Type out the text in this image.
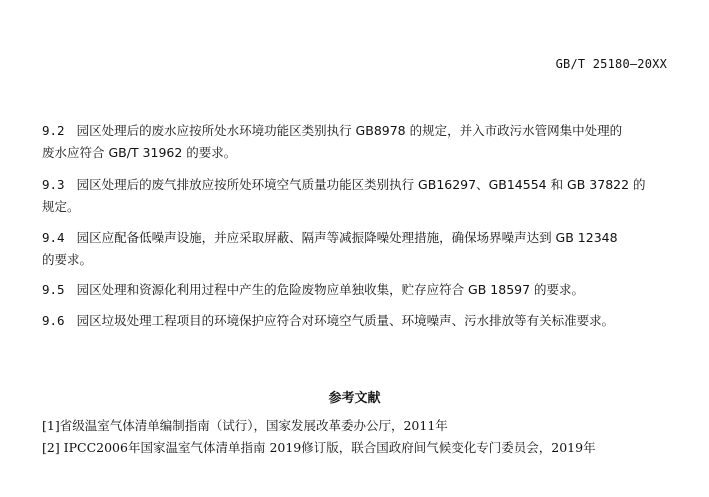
GB/T 25180—20XX

9.2 园区处理后的废水应按所处水环境功能区类别执行 GB8978 的规定，并入市政污水管网集中处理的
废水应符合 GB/T 31962 的要求。

9.3 园区处理后的废气排放应按所处环境空气质量功能区类别执行 GB16297、GB14554 和 GB 37822 的
规定。

9.4 园区应配备低噪声设施，并应采取屏蔽、隔声等减振降噪处理措施，确保场界噪声达到 GB 12348
的要求。

9.5 园区处理和资源化利用过程中产生的危险废物应单独收集，贮存应符合 GB 18597 的要求。

9.6 园区垃圾处理工程项目的环境保护应符合对环境空气质量、环境噪声、污水排放等有关标准要求。

参考文献
[1]省级温室气体清单编制指南（试行），国家发展改革委办公厅，2011年
[2] IPCC2006年国家温室气体清单指南 2019修订版，联合国政府间气候变化专门委员会，2019年
